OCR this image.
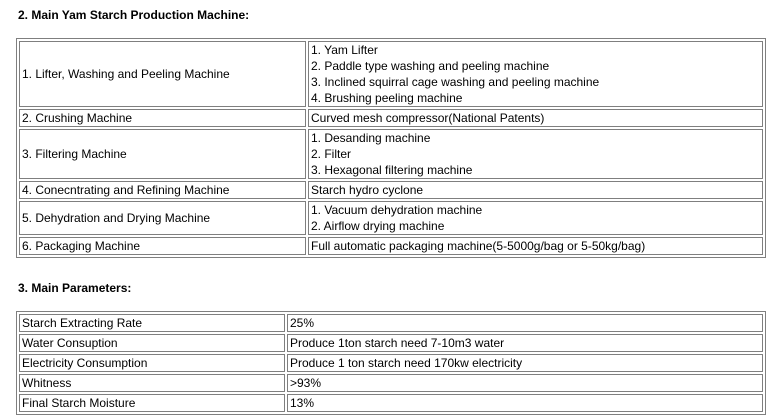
2. Main Yam Starch Production Machine:
1. Lifter, Washing and Peeling Machine	1. Yam Lifter
2. Paddle type washing and peeling machine
3. Inclined squirral cage washing and peeling machine
4. Brushing peeling machine

2. Crushing Machine	Curved mesh compressor(National Patents)

3. Filtering Machine	1. Desanding machine
2. Filter
3. Hexagonal filtering machine

4. Conecntrating and Refining Machine	Starch hydro cyclone

5. Dehydration and Drying Machine	1. Vacuum dehydration machine
2. Airflow drying machine

6. Packaging Machine	Full automatic packaging machine(5-5000g/bag or 5-50kg/bag)
3. Main Parameters:
Starch Extracting Rate	25%
Water Consuption	Produce 1ton starch need 7-10m3 water
Electricity Consumption	Produce 1 ton starch need 170kw electricity
Whitness	>93%
Final Starch Moisture	13%
